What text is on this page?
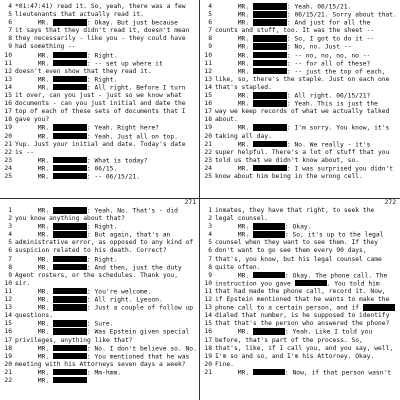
4 *01:47:41) read it. So, yeah, there was a few
5 lieutenants that actually read it.
6 MR.	: Okay. But just because
7 it says that they didn't read it, doesn't mean
8 they necessarily - like you - they could have
9 had something --
10 MR.	: Right.
11 MR.	: -- set up where it
12 doesn't even show that they read it.
13 MR.	: Right.
14 MR.	: All right. Before I turn
15 it over, can you just - just so we know what
16 documents - can you just initial and date the
17 top of each of these sets of documents that I
18 gave you?
19 MR.	: Yeah. Right here?
20 MR.	: Yeah. Just all on top.
21 Yup. Just your initial and date. Today's date
22 is --
23 MR.	: What is today?
24 MR.	: 06/15.
25 MR.	: -- 06/15/21.
4 MR.	: Yeah. 06/15/21.
5 MR.	: 06/15/21. Sorry about that.
6 MR.	: And just for all the
7 counts and stuff, too. It was the sheet --
8 MR.	: So, I got to do it --
9 MR.	: No, no. Just --
10 MR.	: -- no, no, no, no --
11 MR.	: -- for all of these?
12 MR.	: -- just the top of each,
13 like, so, there's the staple. Just on each one
14 that's stapled.
15 MR.	: All right. 06/15/21?
16 MR.	: Yeah. This is just the
17 way we keep records of what we actually talked
18 about.
19 MR.	: I'm sorry. You know, it's
20 taking all day.
21 MR.	: No. We really - it's
22 super helpful. There's a lot of stuff that you
23 told us that we didn't know about, so.
24 MR.	: I was surprised you didn't
25 know about him being in the wrong cell.
271
1 MR.	: Yeah. No. That's - did
2 you know anything about that?
3 MR.	: Right.
4 MR.	: But again, that's an
5 administrative error, as opposed to any kind of
6 suspicion related to his death. Correct?
7 MR.	: Right.
8 MR.	: And then, just the duty
9 Agent rosters, or the schedules. Thank you,
10 sir.
11 MR.	: You're welcome.
12 MR.	: All right. Lyeson.
13 MR.	: Just a couple of follow up
14 questions.
15 MR.	: Sure.
16 MR.	: Was Epstein given special
17 privileges, anything like that?
18 MR.	: No. I don't believe so. No.
19 MR.	: You mentioned that he was
20 meeting with his Attorneys seven days a week?
21 MR.	: Mm-hmm.
22 MR.
272
1 inmates, they have that right, to seek the
2 legal counsel.
3 MR.	: Okay.
4 MR.	: So, it's up to the legal
5 counsel when they want to see them. If they
6 don't want to go see them every 90 days,
7 that's, you know, but his legal counsel came
8 quite often.
9 MR.	: Okay. The phone call. The
10 instruction you gave	. You told him
11 that had made the phone call, record it. Now,
12 if Epstein mentioned that he wants to make the
13 phone call to a certain person, and if
14 dialed that number, is he supposed to identify
15 that that's the person who answered the phone?
16 MR.	: Yeah. Like I told you
17 before, that's part of the process. So,
18 that's, like, if I call you, and you say, well,
19 I'm so and so, and I'm his Attorney. Okay.
20 Fine.
21 MR.	: Now, if that person wasn't
